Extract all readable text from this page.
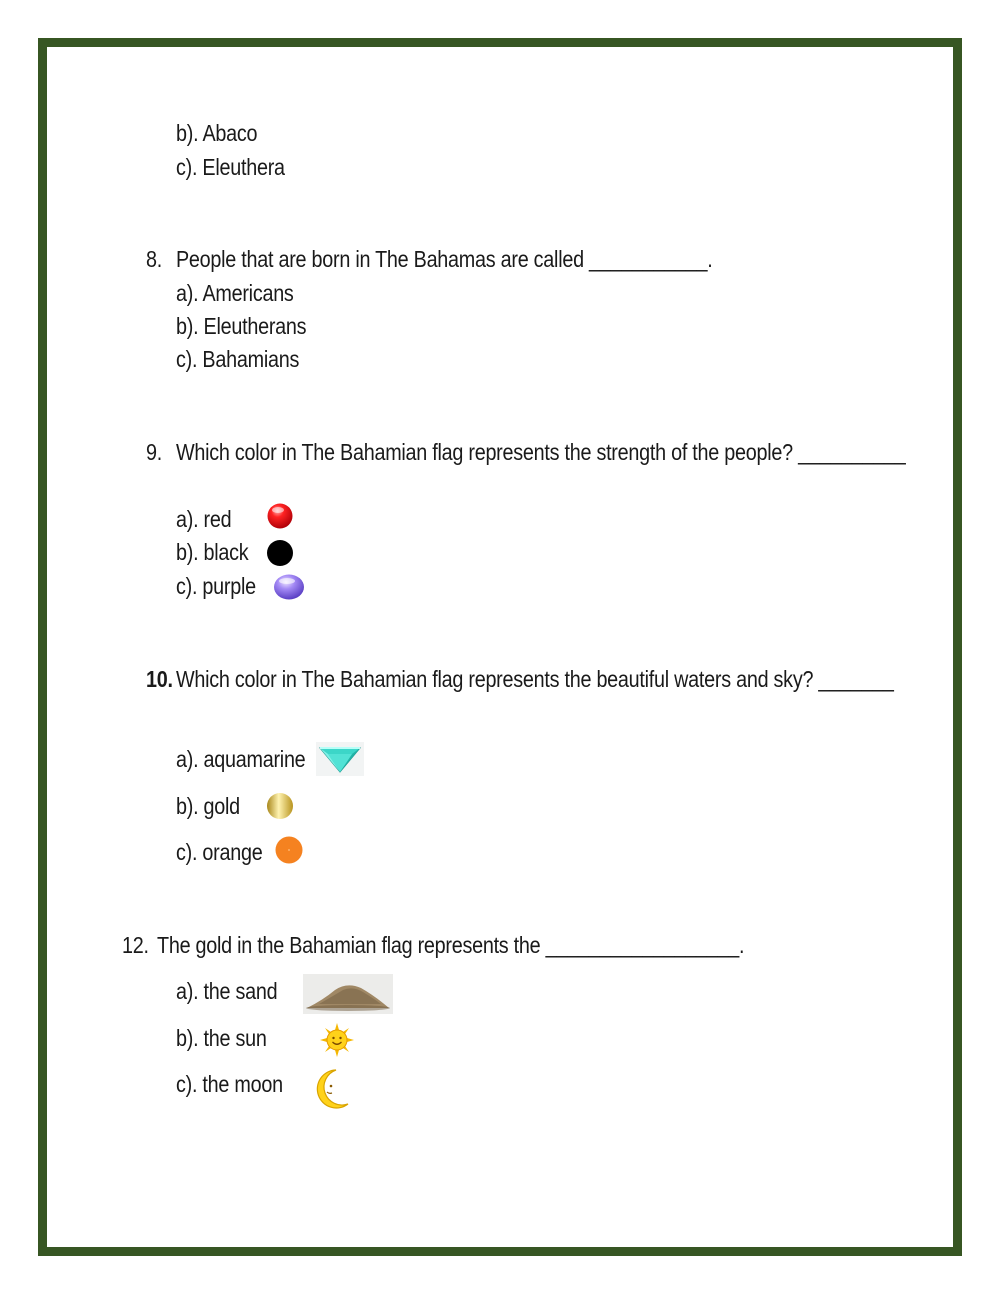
b). Abaco
c). Eleuthera
8. People that are born in The Bahamas are called ___________.
a). Americans
b). Eleutherans
c). Bahamians
9. Which color in The Bahamian flag represents the strength of the people? __________
a). red
b). black
c). purple
10. Which color in The Bahamian flag represents the beautiful waters and sky? _______
a). aquamarine
b). gold
c). orange
12. The gold in the Bahamian flag represents the __________________.
a). the sand
b). the sun
c). the moon
